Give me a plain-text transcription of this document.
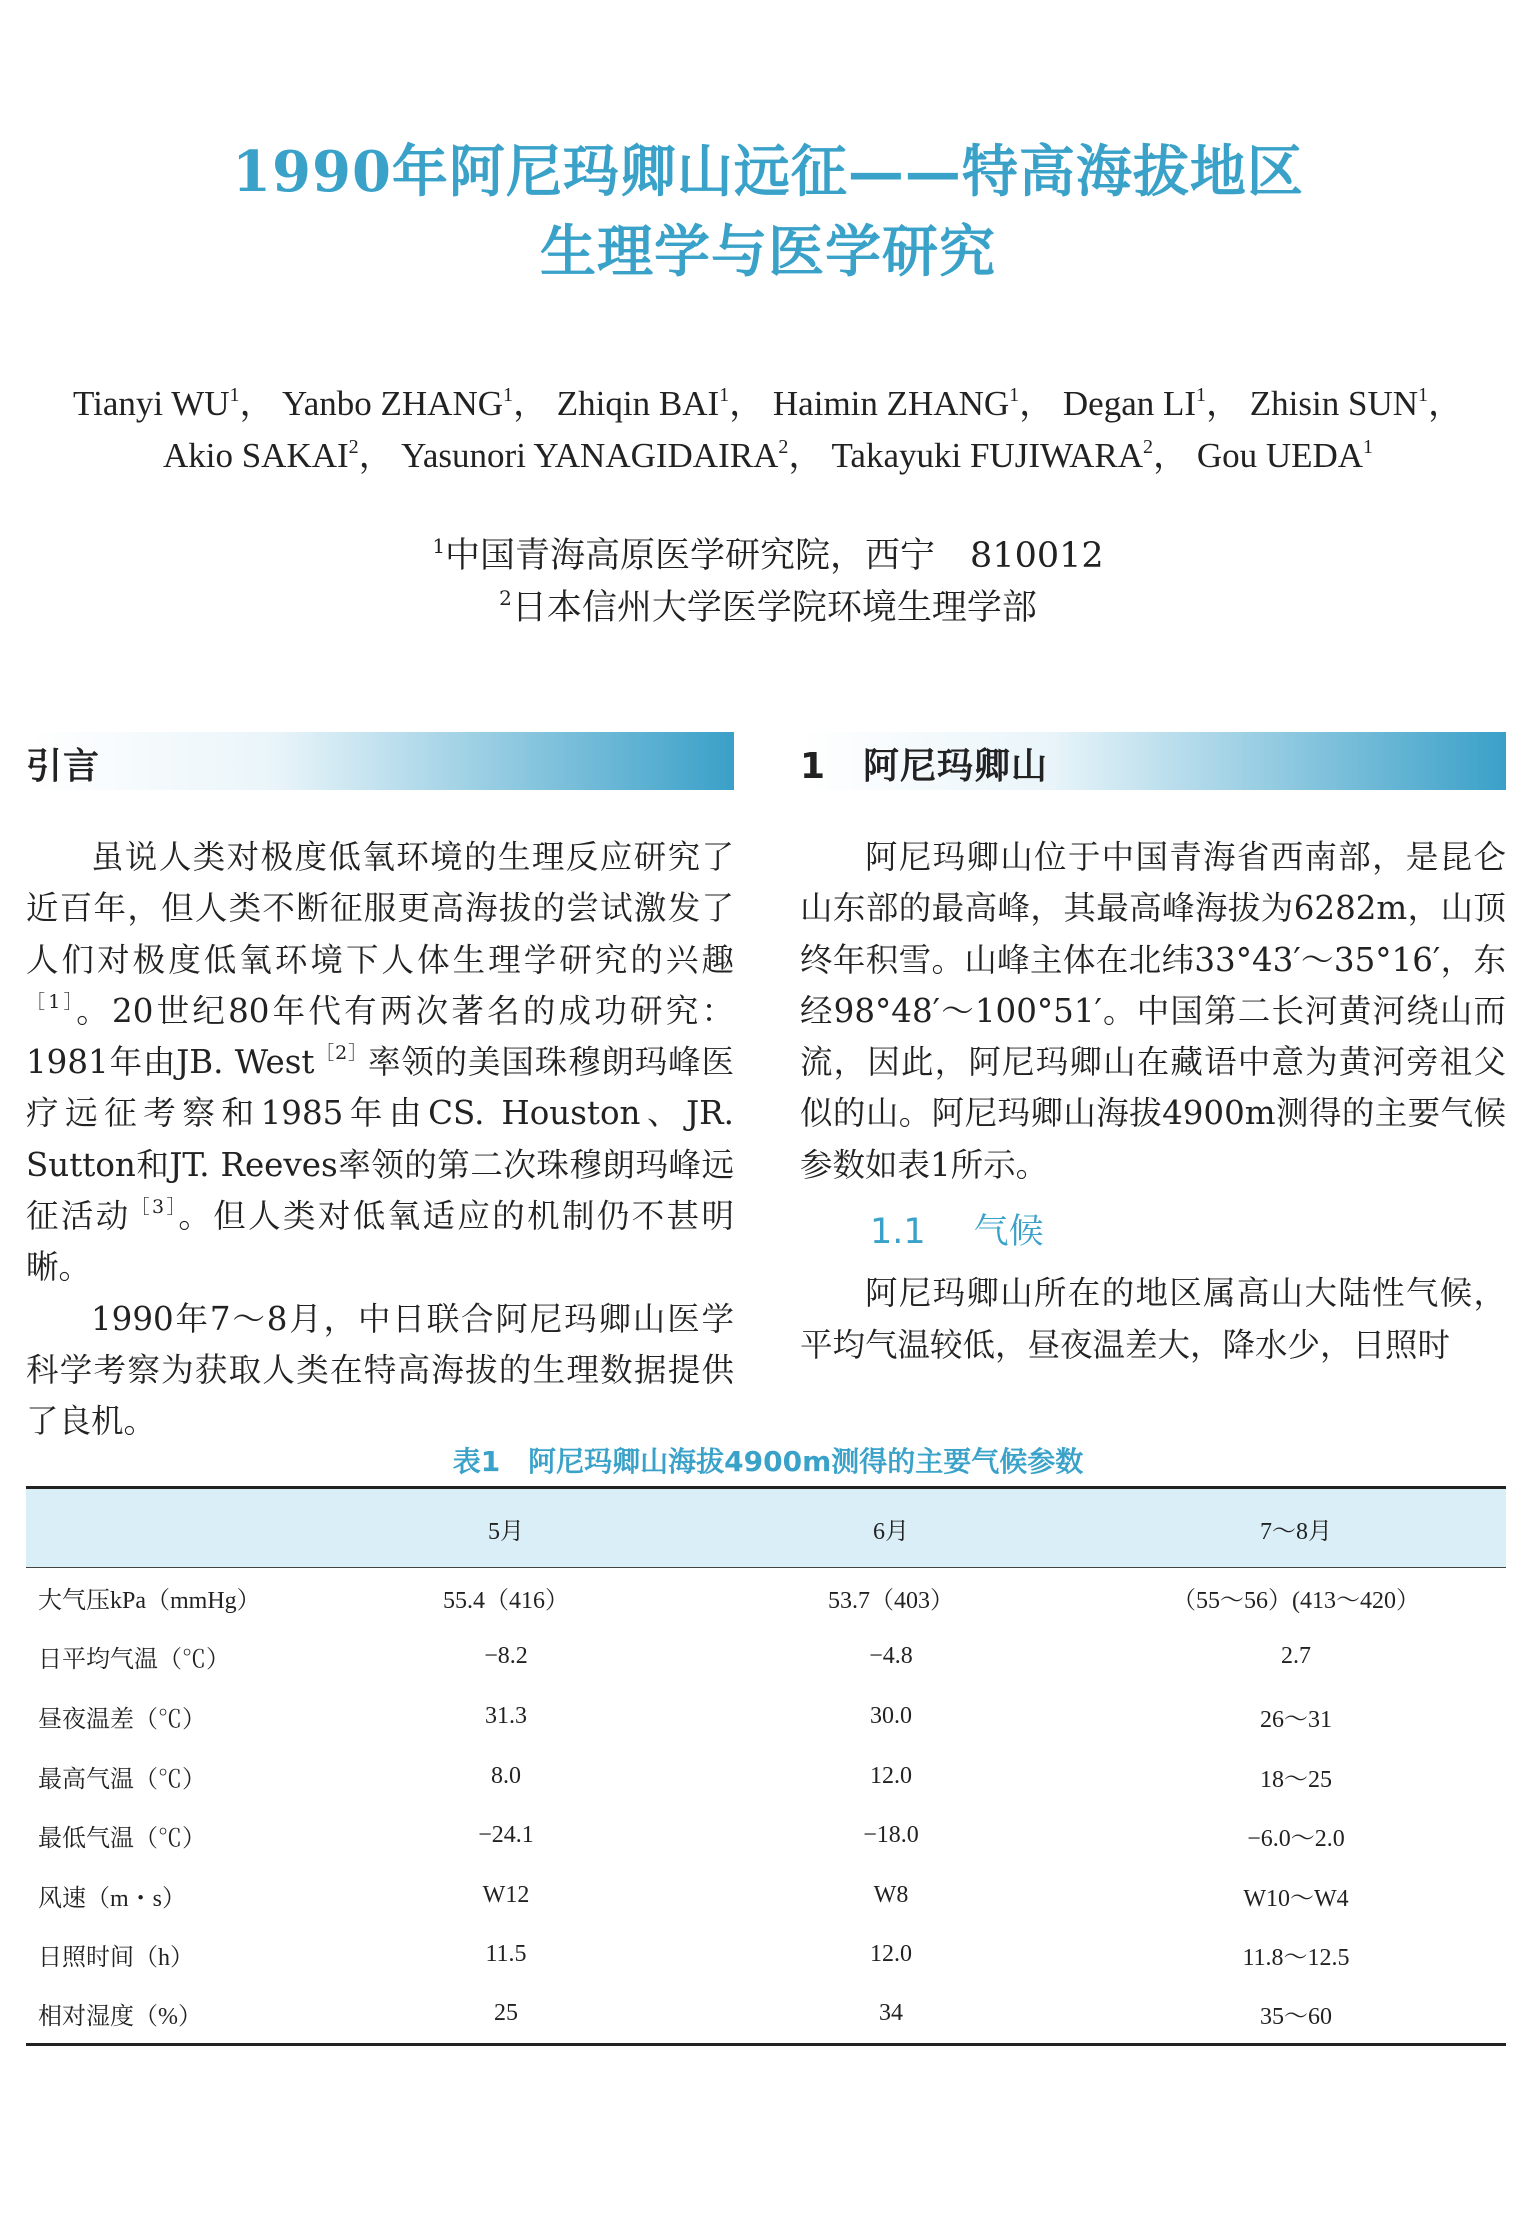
1990年阿尼玛卿山远征——特高海拔地区
生理学与医学研究
Tianyi $WU^1$， Yanbo ZHANG$^1$， Zhiqin BAI$^1$， Haimin ZHANG$^1$， Degan $LI^1$， Zhisin SUN$^1$，
Akio SAKAI$^2$， Yasunori YANAGIDAIRA$^2$， Takayuki FUJIWARA$^2$， Gou UEDA$^1$
$^1$中国青海高原医学研究院，西宁　810012
$^2$日本信州大学医学院环境生理学部
引言	1　阿尼玛卿山

虽说人类对极度低氧环境的生理反应研究了近百年，但人类不断征服更高海拔的尝试激发了人们对极度低氧环境下人体生理学研究的兴趣$^{[1]}$。20世纪80年代有两次著名的成功研究：1981年由JB. West$^{[2]}$率领的美国珠穆朗玛峰医疗远征考察和1985年由CS. Houston、JR. Sutton和JT. Reeves率领的第二次珠穆朗玛峰远征活动$^{[3]}$。但人类对低氧适应的机制仍不甚明晰。

1990年7～8月，中日联合阿尼玛卿山医学科学考察为获取人类在特高海拔的生理数据提供了良机。

阿尼玛卿山位于中国青海省西南部，是昆仑山东部的最高峰，其最高峰海拔为6282m，山顶终年积雪。山峰主体在北纬33°43′～35°16′，东经98°48′～100°51′。中国第二长河黄河绕山而流，因此，阿尼玛卿山在藏语中意为黄河旁祖父似的山。阿尼玛卿山海拔4900m测得的主要气候参数如表1所示。

1.1 气候

阿尼玛卿山所在的地区属高山大陆性气候，平均气温较低，昼夜温差大，降水少，日照时

表1　阿尼玛卿山海拔4900m测得的主要气候参数
	5月	6月	7～8月
大气压kPa（mmHg）	55.4（416）	53.7（403）	（55～56）(413～420）
日平均气温（℃）	−8.2	−4.8	2.7
昼夜温差（℃）	31.3	30.0	26～31
最高气温（℃）	8.0	12.0	18～25
最低气温（℃）	−24.1	−18.0	−6.0～2.0
风速（m・s）	W12	W8	W10～W4
日照时间（h）	11.5	12.0	11.8～12.5
相对湿度（%）	25	34	35～60
